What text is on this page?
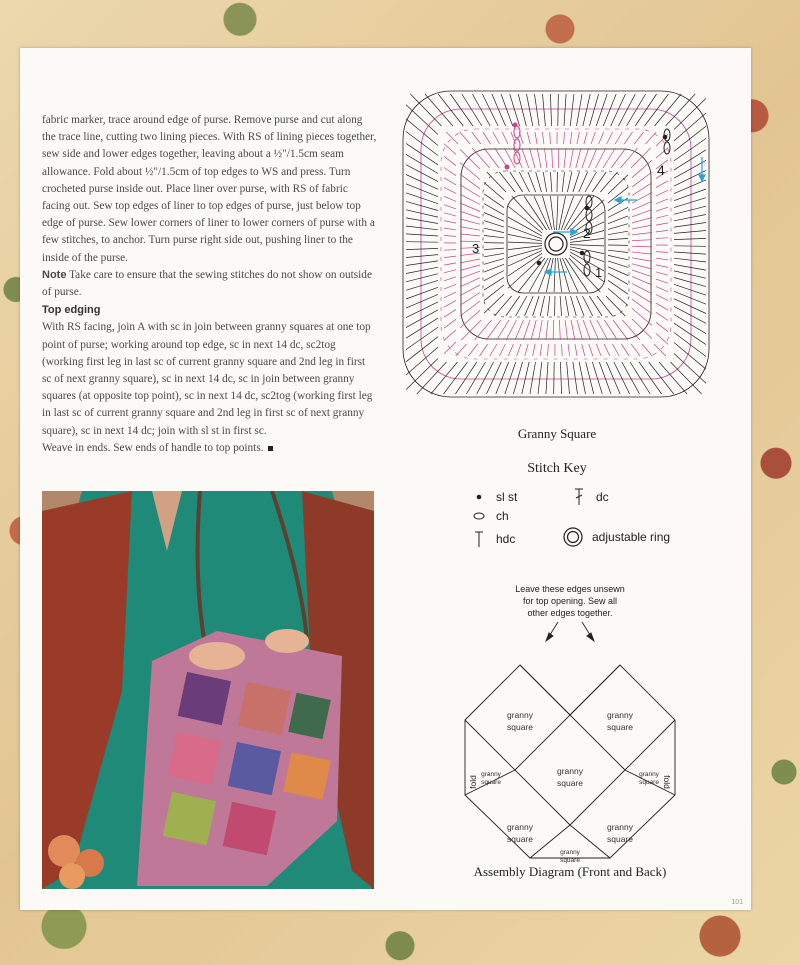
fabric marker, trace around edge of purse. Remove purse and cut along the trace line, cutting two lining pieces. With RS of lining pieces together, sew side and lower edges together, leaving about a ½"/1.5cm seam allowance. Fold about ½"/1.5cm of top edges to WS and press. Turn crocheted purse inside out. Place liner over purse, with RS of fabric facing out. Sew top edges of liner to top edges of purse, just below top edge of purse. Sew lower corners of liner to lower corners of purse with a few stitches, to anchor. Turn purse right side out, pushing liner to the inside of the purse.

Note Take care to ensure that the sewing stitches do not show on outside of purse.

Top edging

With RS facing, join A with sc in join between granny squares at one top point of purse; working around top edge, sc in next 14 dc, sc2tog (working first leg in last sc of current granny square and 2nd leg in first sc of next granny square), sc in next 14 dc, sc in join between granny squares (at opposite top point), sc in next 14 dc, sc2tog (working first leg in last sc of current granny square and 2nd leg in first sc of next granny square), sc in next 14 dc; join with sl st in first sc.

Weave in ends. Sew ends of handle to top points.

1
2
3
4
Granny Square
Stitch Key
sl st
ch
hdc
dc
adjustable ring
Leave these edges unsewn
for top opening. Sew all
other edges together.
granny
square
granny
square
granny
square
granny
square
granny
square
granny
square
granny
square
granny
square
fold	fold
Assembly Diagram (Front and Back)
101
